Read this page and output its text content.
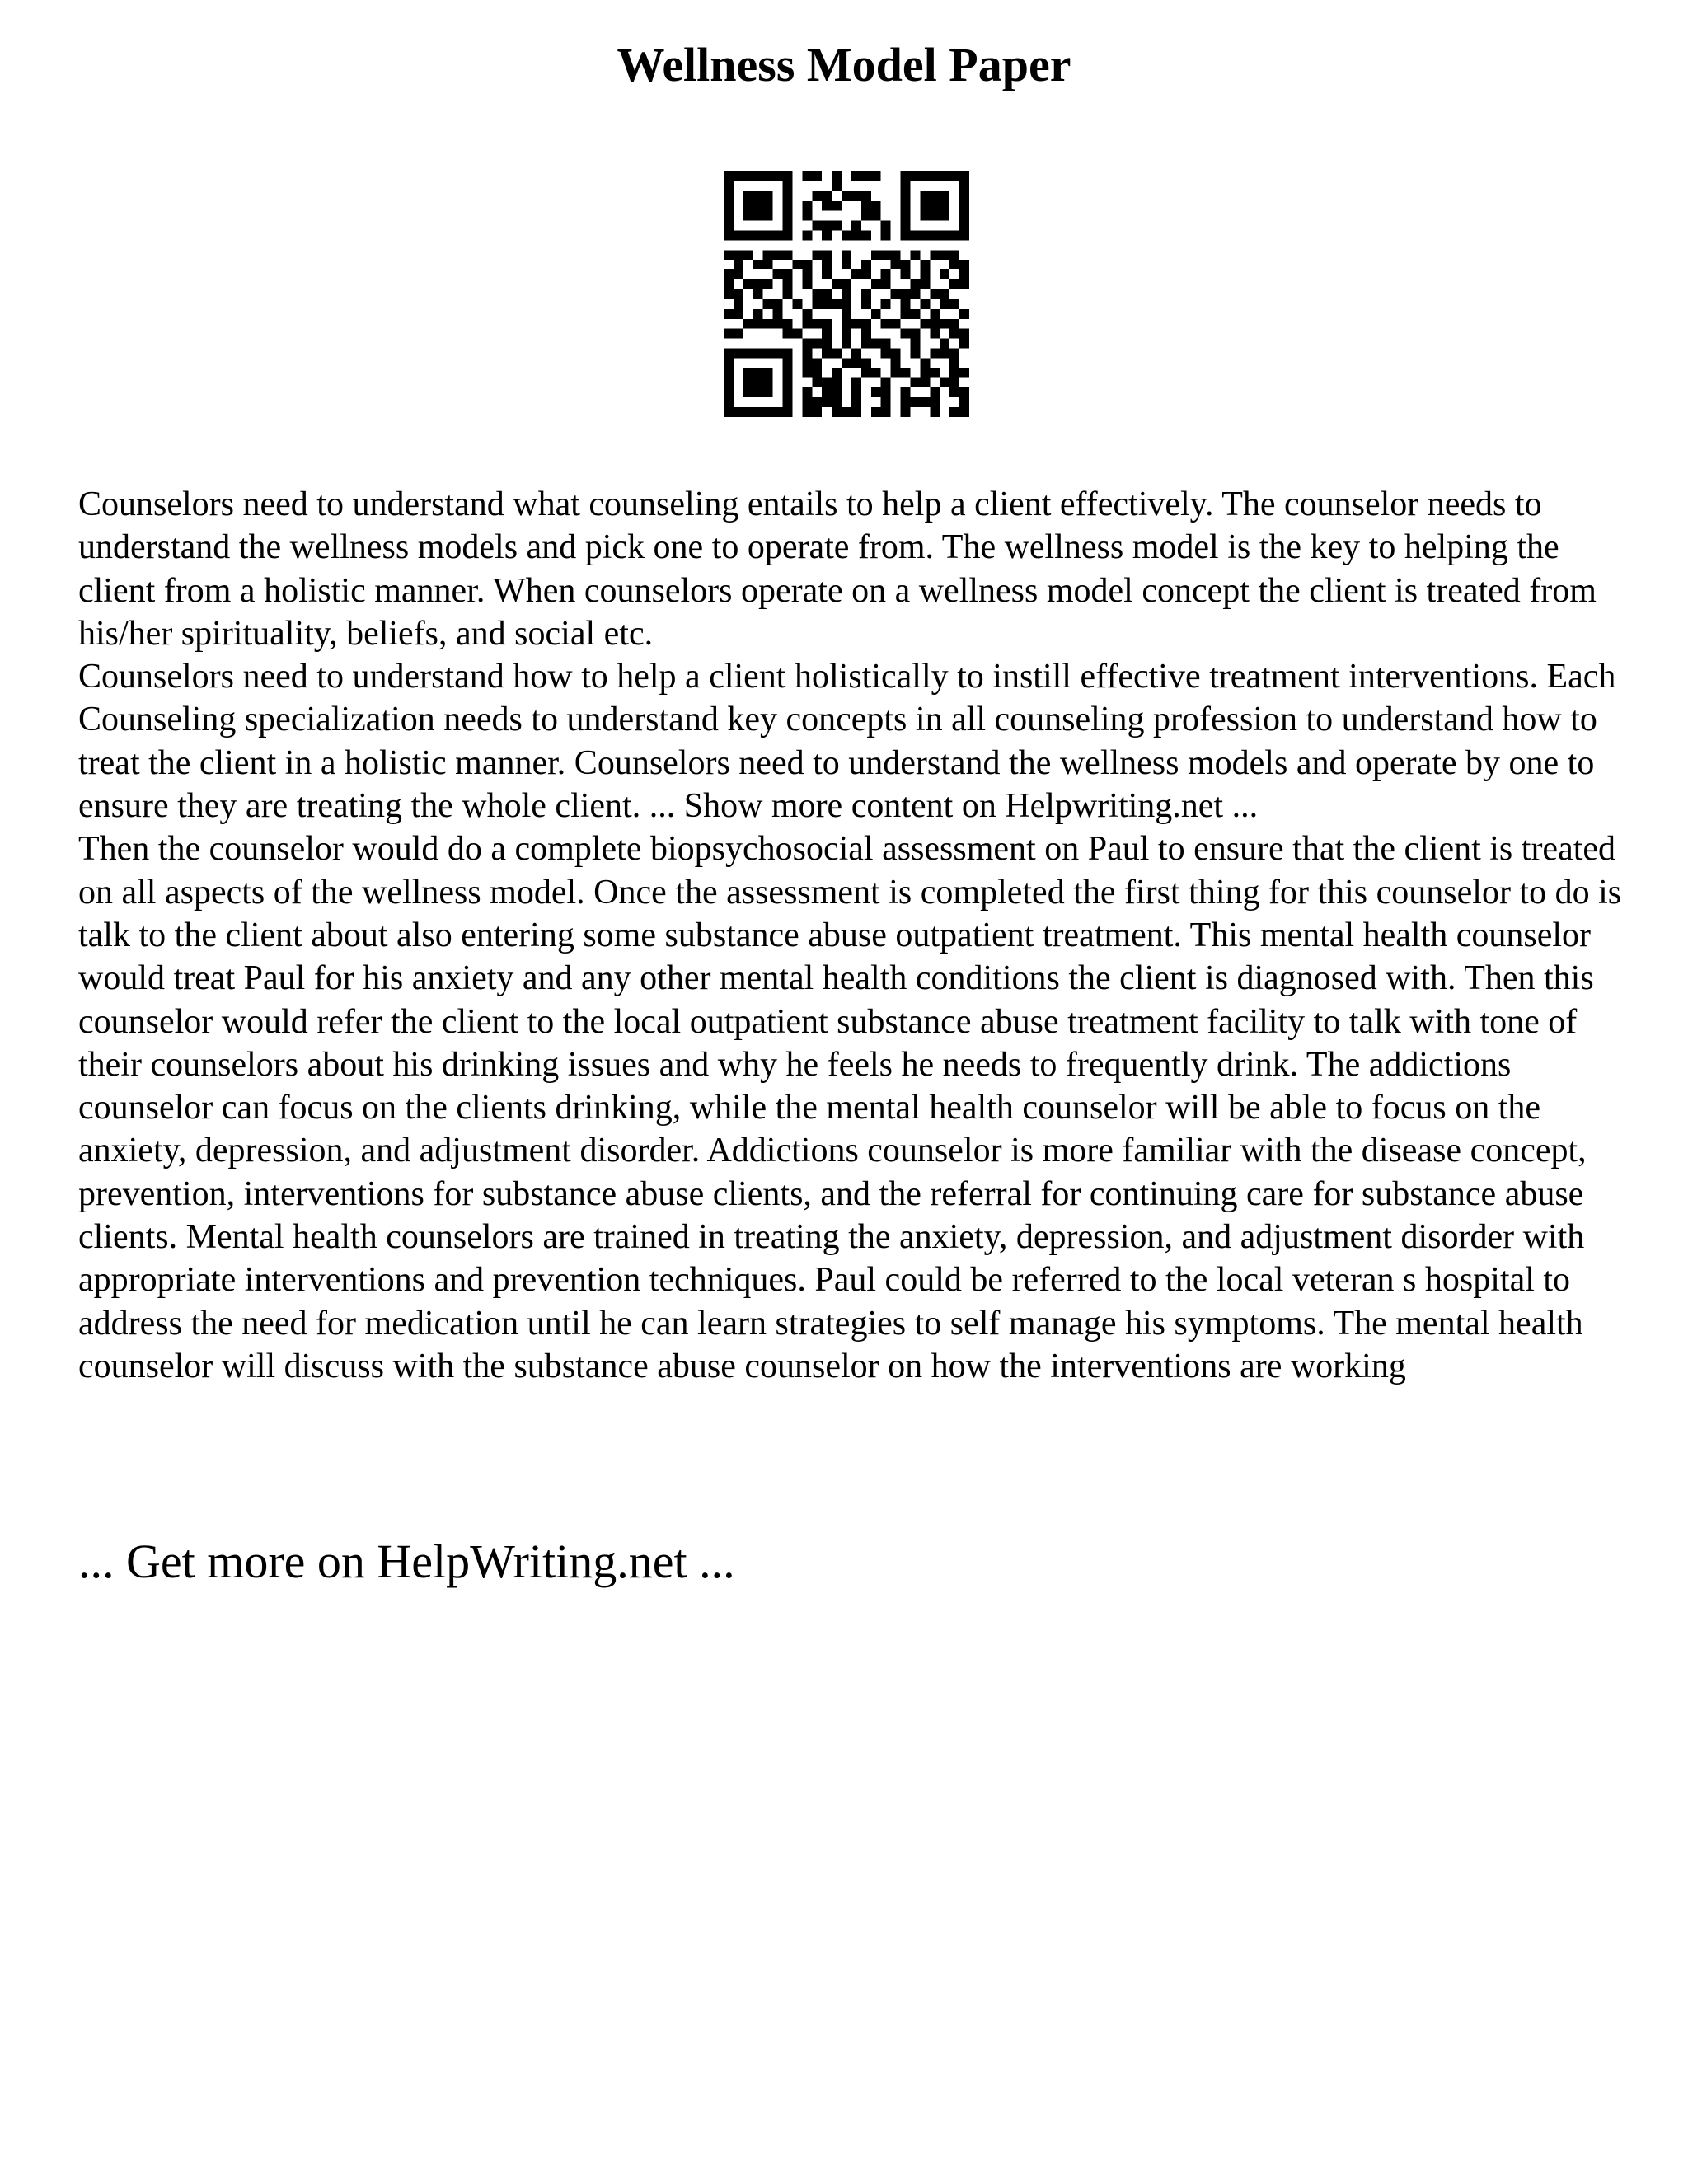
Wellness Model Paper

Counselors need to understand what counseling entails to help a client effectively. The counselor needs to understand the wellness models and pick one to operate from. The wellness model is the key to helping the client from a holistic manner. When counselors operate on a wellness model concept the client is treated from his/her spirituality, beliefs, and social etc.

Counselors need to understand how to help a client holistically to instill effective treatment interventions. Each Counseling specialization needs to understand key concepts in all counseling profession to understand how to treat the client in a holistic manner. Counselors need to understand the wellness models and operate by one to ensure they are treating the whole client. ... Show more content on Helpwriting.net ...

Then the counselor would do a complete biopsychosocial assessment on Paul to ensure that the client is treated on all aspects of the wellness model. Once the assessment is completed the first thing for this counselor to do is talk to the client about also entering some substance abuse outpatient treatment. This mental health counselor would treat Paul for his anxiety and any other mental health conditions the client is diagnosed with. Then this counselor would refer the client to the local outpatient substance abuse treatment facility to talk with tone of their counselors about his drinking issues and why he feels he needs to frequently drink. The addictions counselor can focus on the clients drinking, while the mental health counselor will be able to focus on the anxiety, depression, and adjustment disorder. Addictions counselor is more familiar with the disease concept, prevention, interventions for substance abuse clients, and the referral for continuing care for substance abuse clients. Mental health counselors are trained in treating the anxiety, depression, and adjustment disorder with appropriate interventions and prevention techniques. Paul could be referred to the local veteran s hospital to address the need for medication until he can learn strategies to self manage his symptoms. The mental health counselor will discuss with the substance abuse counselor on how the interventions are working

... Get more on HelpWriting.net ...
